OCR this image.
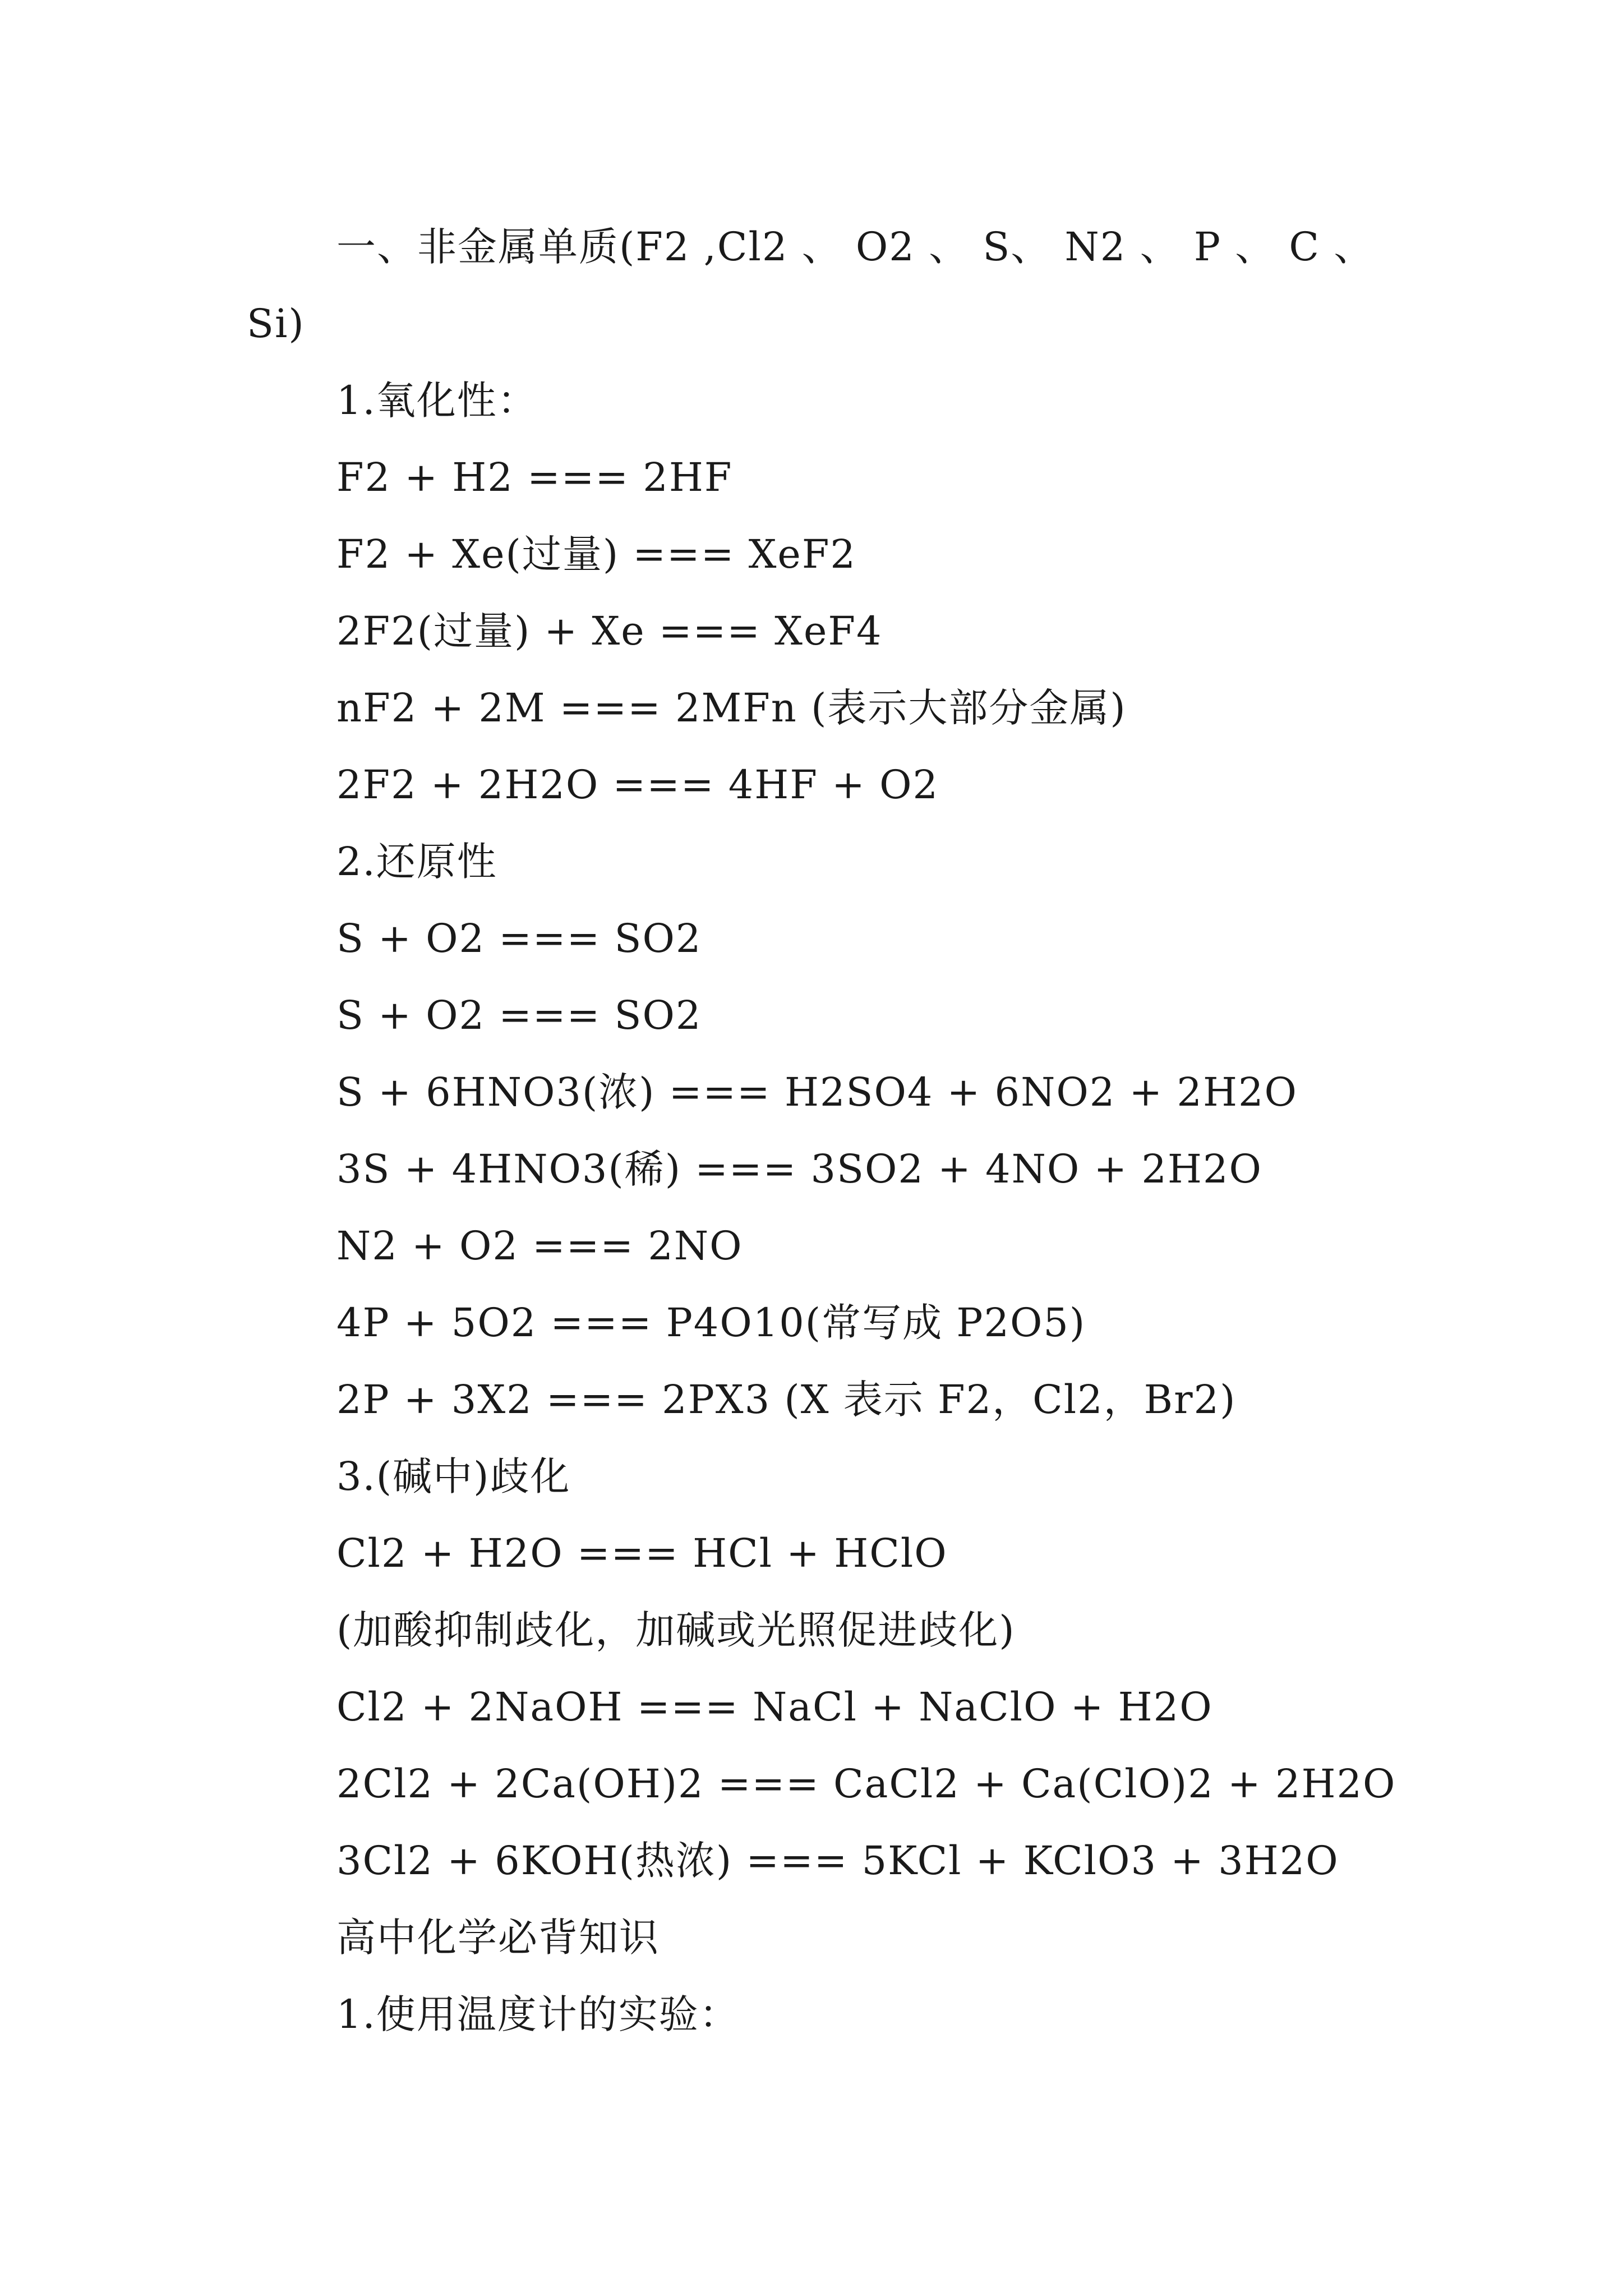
一、非金属单质(F2 ,Cl2 、 O2 、 S、 N2 、 P 、 C 、
Si)
1.氧化性：
F2 + H2 === 2HF
F2 + Xe(过量) === XeF2
2F2(过量) + Xe === XeF4
nF2 + 2M === 2MFn (表示大部分金属)
2F2 + 2H2O === 4HF + O2
2.还原性
S + O2 === SO2
S + O2 === SO2
S + 6HNO3(浓) === H2SO4 + 6NO2 + 2H2O
3S + 4HNO3(稀) === 3SO2 + 4NO + 2H2O
N2 + O2 === 2NO
4P + 5O2 === P4O10(常写成 P2O5)
2P + 3X2 === 2PX3 (X 表示 F2，Cl2，Br2)
3.(碱中)歧化
Cl2 + H2O === HCl + HClO
(加酸抑制歧化，加碱或光照促进歧化)
Cl2 + 2NaOH === NaCl + NaClO + H2O
2Cl2 + 2Ca(OH)2 === CaCl2 + Ca(ClO)2 + 2H2O
3Cl2 + 6KOH(热浓) === 5KCl + KClO3 + 3H2O
高中化学必背知识
1.使用温度计的实验：
